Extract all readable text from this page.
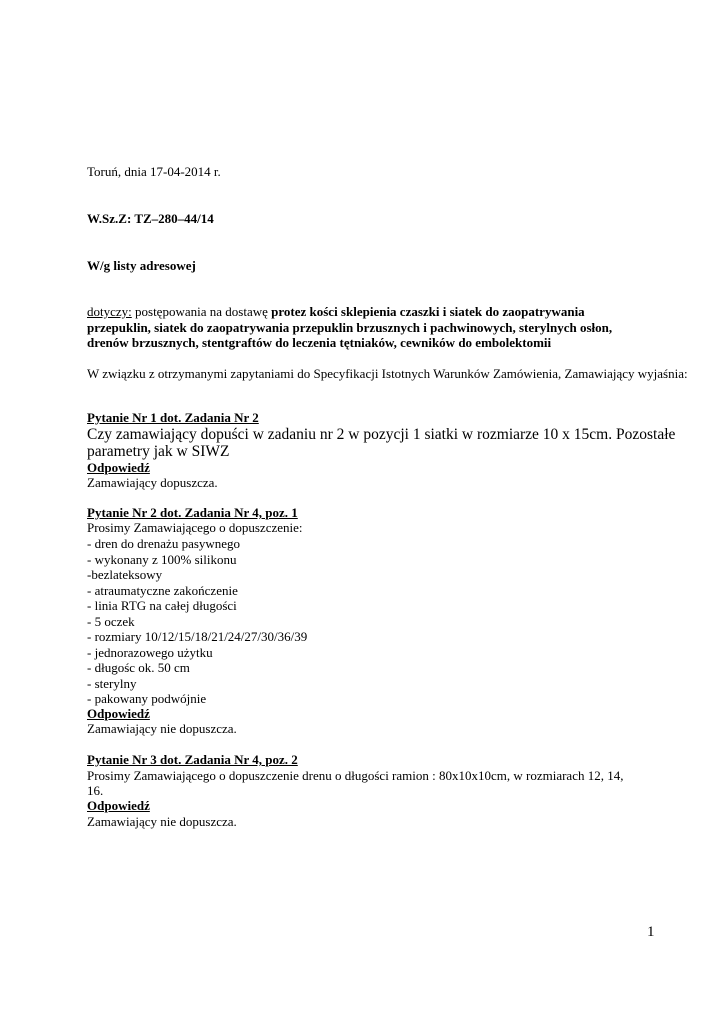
Toruń, dnia 17-04-2014 r.
W.Sz.Z: TZ–280–44/14
W/g listy adresowej
dotyczy: postępowania na dostawę protez kości sklepienia czaszki i siatek do zaopatrywania
przepuklin, siatek do zaopatrywania przepuklin brzusznych i pachwinowych, sterylnych osłon,
drenów brzusznych, stentgraftów do leczenia tętniaków, cewników do embolektomii
W związku z otrzymanymi zapytaniami do Specyfikacji Istotnych Warunków Zamówienia, Zamawiający wyjaśnia:
Pytanie Nr 1 dot. Zadania Nr 2
Czy zamawiający dopuści w zadaniu nr 2 w pozycji 1 siatki w rozmiarze 10 x 15cm. Pozostałe
parametry jak w SIWZ
Odpowiedź
Zamawiający dopuszcza.
Pytanie Nr 2 dot. Zadania Nr 4, poz. 1
Prosimy Zamawiającego o dopuszczenie:
- dren do drenażu pasywnego
- wykonany z 100% silikonu
-bezlateksowy
- atraumatyczne zakończenie
- linia RTG na całej długości
- 5 oczek
- rozmiary 10/12/15/18/21/24/27/30/36/39
- jednorazowego użytku
- długośc ok. 50 cm
- sterylny
- pakowany podwójnie
Odpowiedź
Zamawiający nie dopuszcza.
Pytanie Nr 3 dot. Zadania Nr 4, poz. 2
Prosimy Zamawiającego o dopuszczenie drenu o długości ramion : 80x10x10cm, w rozmiarach 12, 14,
16.
Odpowiedź
Zamawiający nie dopuszcza.
1
